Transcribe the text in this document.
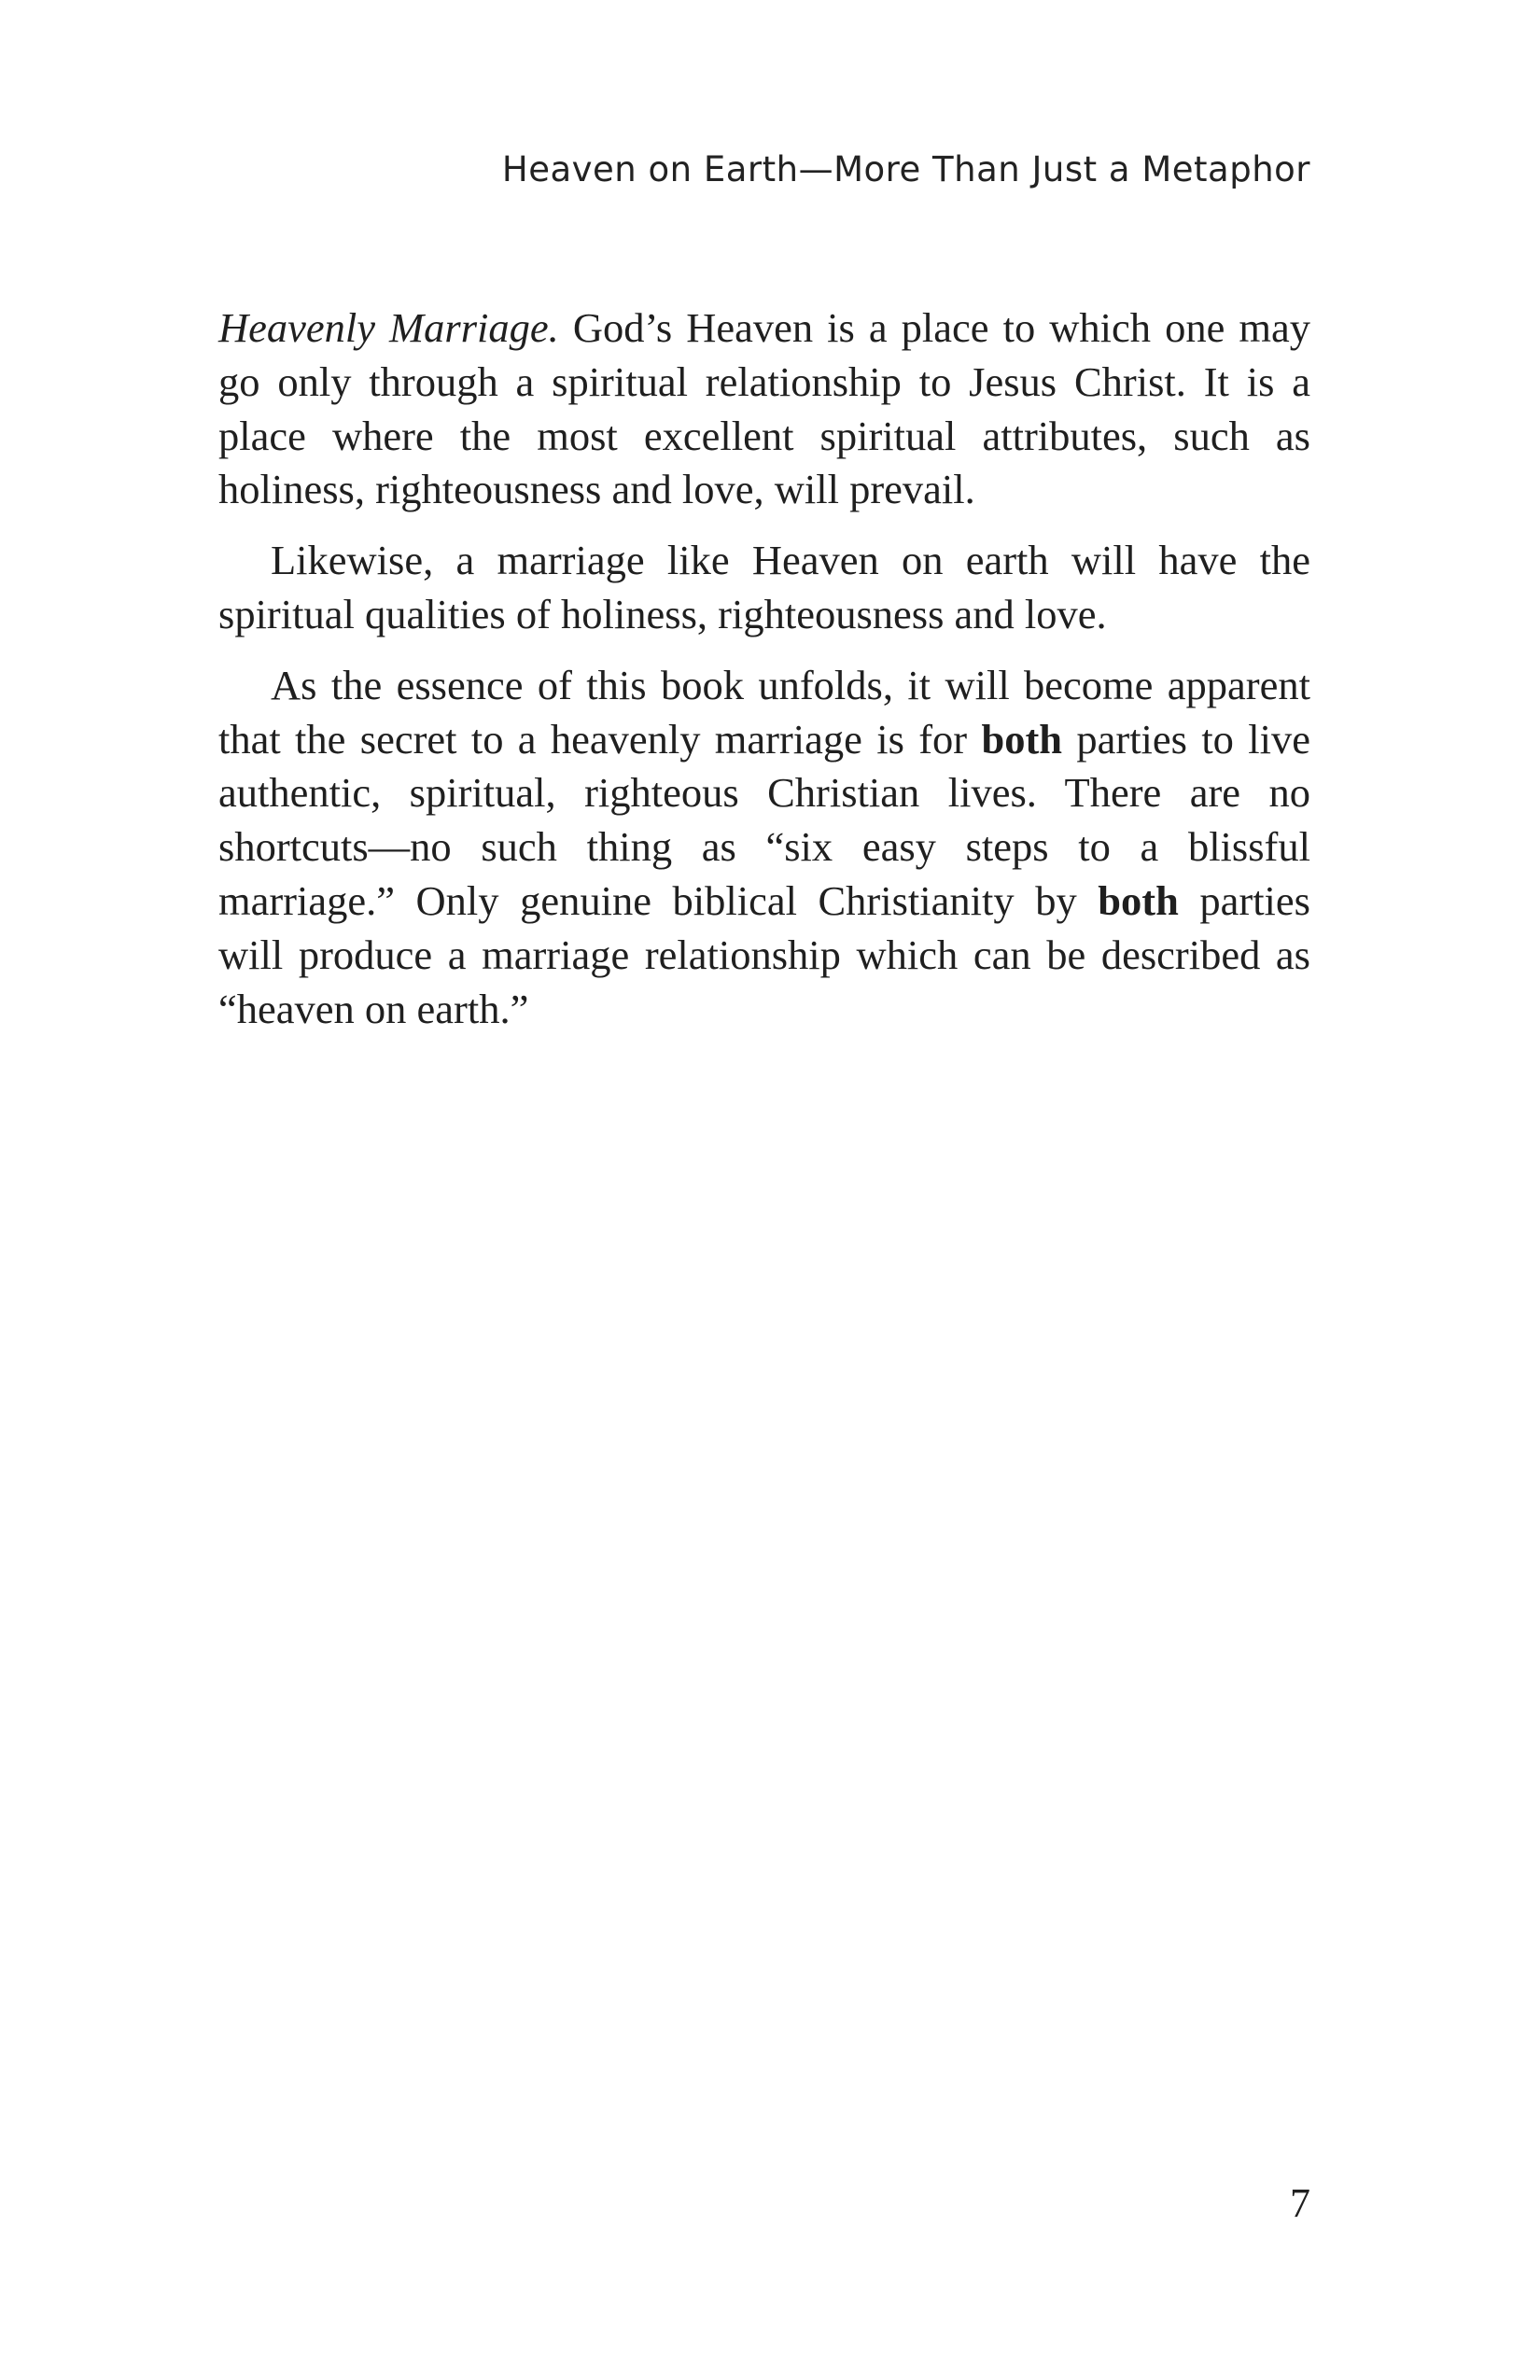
Heaven on Earth—More Than Just a Metaphor

Heavenly Marriage. God’s Heaven is a place to which one may go only through a spiritual relationship to Jesus Christ. It is a place where the most excellent spiritual attributes, such as holiness, righteousness and love, will prevail.

Likewise, a marriage like Heaven on earth will have the spiritual qualities of holiness, righteousness and love.

As the essence of this book unfolds, it will become apparent that the secret to a heavenly marriage is for both parties to live authentic, spiritual, righteous Christian lives. There are no shortcuts—no such thing as “six easy steps to a blissful marriage.” Only genuine biblical Christianity by both parties will produce a marriage relationship which can be described as “heaven on earth.”

7
